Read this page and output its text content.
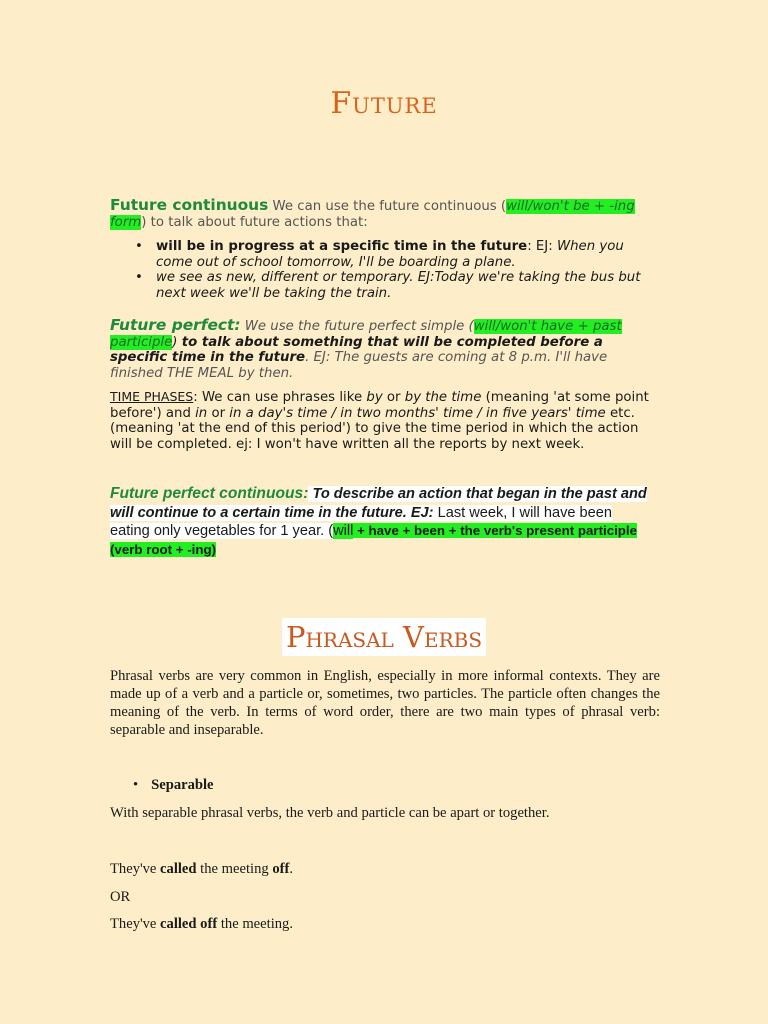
Future
Future continuous We can use the future continuous (will/won't be + -ing form) to talk about future actions that:
• will be in progress at a specific time in the future: EJ: When you come out of school tomorrow, I'll be boarding a plane.
• we see as new, different or temporary. EJ:Today we're taking the bus but next week we'll be taking the train.
Future perfect: We use the future perfect simple (will/won't have + past participle) to talk about something that will be completed before a specific time in the future. EJ: The guests are coming at 8 p.m. I'll have finished THE MEAL by then.
TIME PHASES: We can use phrases like by or by the time (meaning 'at some point before') and in or in a day's time / in two months' time / in five years' time etc. (meaning 'at the end of this period') to give the time period in which the action will be completed. ej: I won't have written all the reports by next week.
Future perfect continuous: To describe an action that began in the past and will continue to a certain time in the future. EJ: Last week, I will have been eating only vegetables for 1 year. (will + have + been + the verb's present participle (verb root + -ing)
Phrasal Verbs
Phrasal verbs are very common in English, especially in more informal contexts. They are made up of a verb and a particle or, sometimes, two particles. The particle often changes the meaning of the verb. In terms of word order, there are two main types of phrasal verb: separable and inseparable.
• Separable
With separable phrasal verbs, the verb and particle can be apart or together.
They've called the meeting off.
OR
They've called off the meeting.
